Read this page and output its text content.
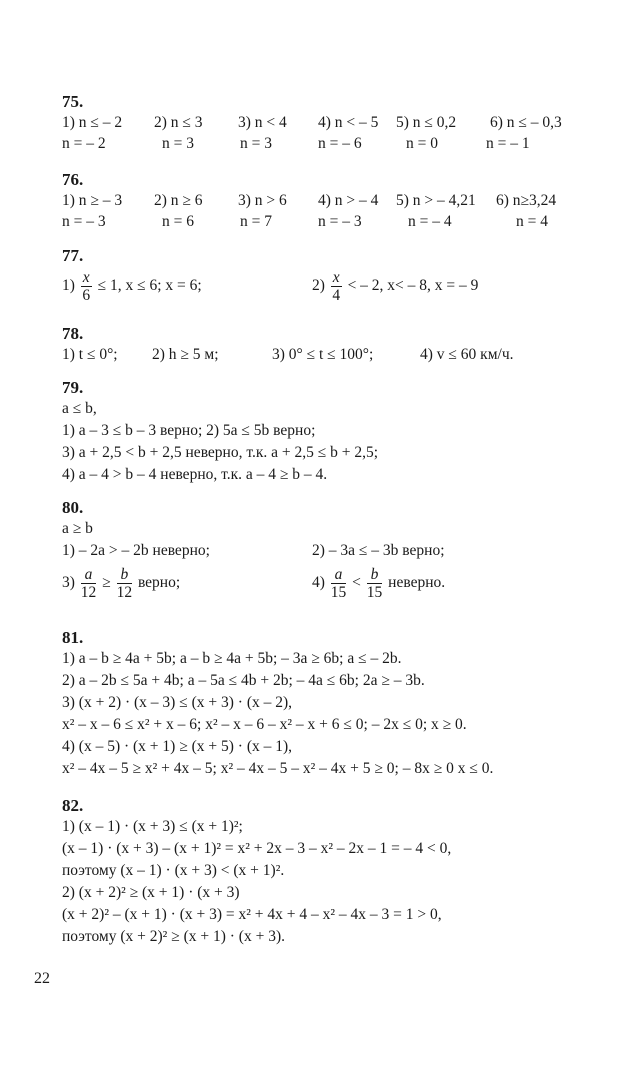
75.
1) n ≤ – 2 2) n ≤ 3 3) n < 4 4) n < – 5 5) n ≤ 0,2 6) n ≤ – 0,3
n = – 2	n = 3	n = 3	n = – 6	n = 0	n = – 1
76.
1) n ≥ – 3 2) n ≥ 6 3) n > 6 4) n > – 4 5) n > – 4,21 6) n≥3,24
n = – 3	n = 6	n = 7	n = – 3	n = – 4	n = 4
77.
$1) \frac{x}{6} \le 1$, x ≤ 6; x = 6;	$2) \frac{x}{4}$ < – 2, x< – 8, x = – 9
78.
1) t ≤ 0°; 2) h ≥ 5 м;	3) 0° ≤ t ≤ 100°;	4) v ≤ 60 км/ч.
79.
a ≤ b,
1) a – 3 ≤ b – 3 верно; 2) 5a ≤ 5b верно;
3) a + 2,5 < b + 2,5 неверно, т.к. a + 2,5 ≤ b + 2,5;
4) a – 4 > b – 4 неверно, т.к. a – 4 ≥ b – 4.
80.
a ≥ b
1) – 2a > – 2b неверно;	2) – 3a ≤ – 3b верно;
$3) \frac{a}{12} \ge \frac{b}{12}$ верно;	$4) \frac{a}{15} < \frac{b}{15}$ неверно.
81.
1) a – b ≥ 4a + 5b; a – b ≥ 4a + 5b; – 3a ≥ 6b; a ≤ – 2b.
2) a – 2b ≤ 5a + 4b; a – 5a ≤ 4b + 2b; – 4a ≤ 6b; 2a ≥ – 3b.
3) (x + 2) · (x – 3) ≤ (x + 3) · (x – 2),
x² – x – 6 ≤ x² + x – 6; x² – x – 6 – x² – x + 6 ≤ 0; – 2x ≤ 0; x ≥ 0.
4) (x – 5) · (x + 1) ≥ (x + 5) · (x – 1),
x² – 4x – 5 ≥ x² + 4x – 5; x² – 4x – 5 – x² – 4x + 5 ≥ 0; – 8x ≥ 0 x ≤ 0.
82.
1) (x – 1) · (x + 3) ≤ (x + 1)²;
(x – 1) · (x + 3) – (x + 1)² = x² + 2x – 3 – x² – 2x – 1 = – 4 < 0,
поэтому (x – 1) · (x + 3) < (x + 1)².
2) (x + 2)² ≥ (x + 1) · (x + 3)
(x + 2)² – (x + 1) · (x + 3) = x² + 4x + 4 – x² – 4x – 3 = 1 > 0,
поэтому (x + 2)² ≥ (x + 1) · (x + 3).
22
